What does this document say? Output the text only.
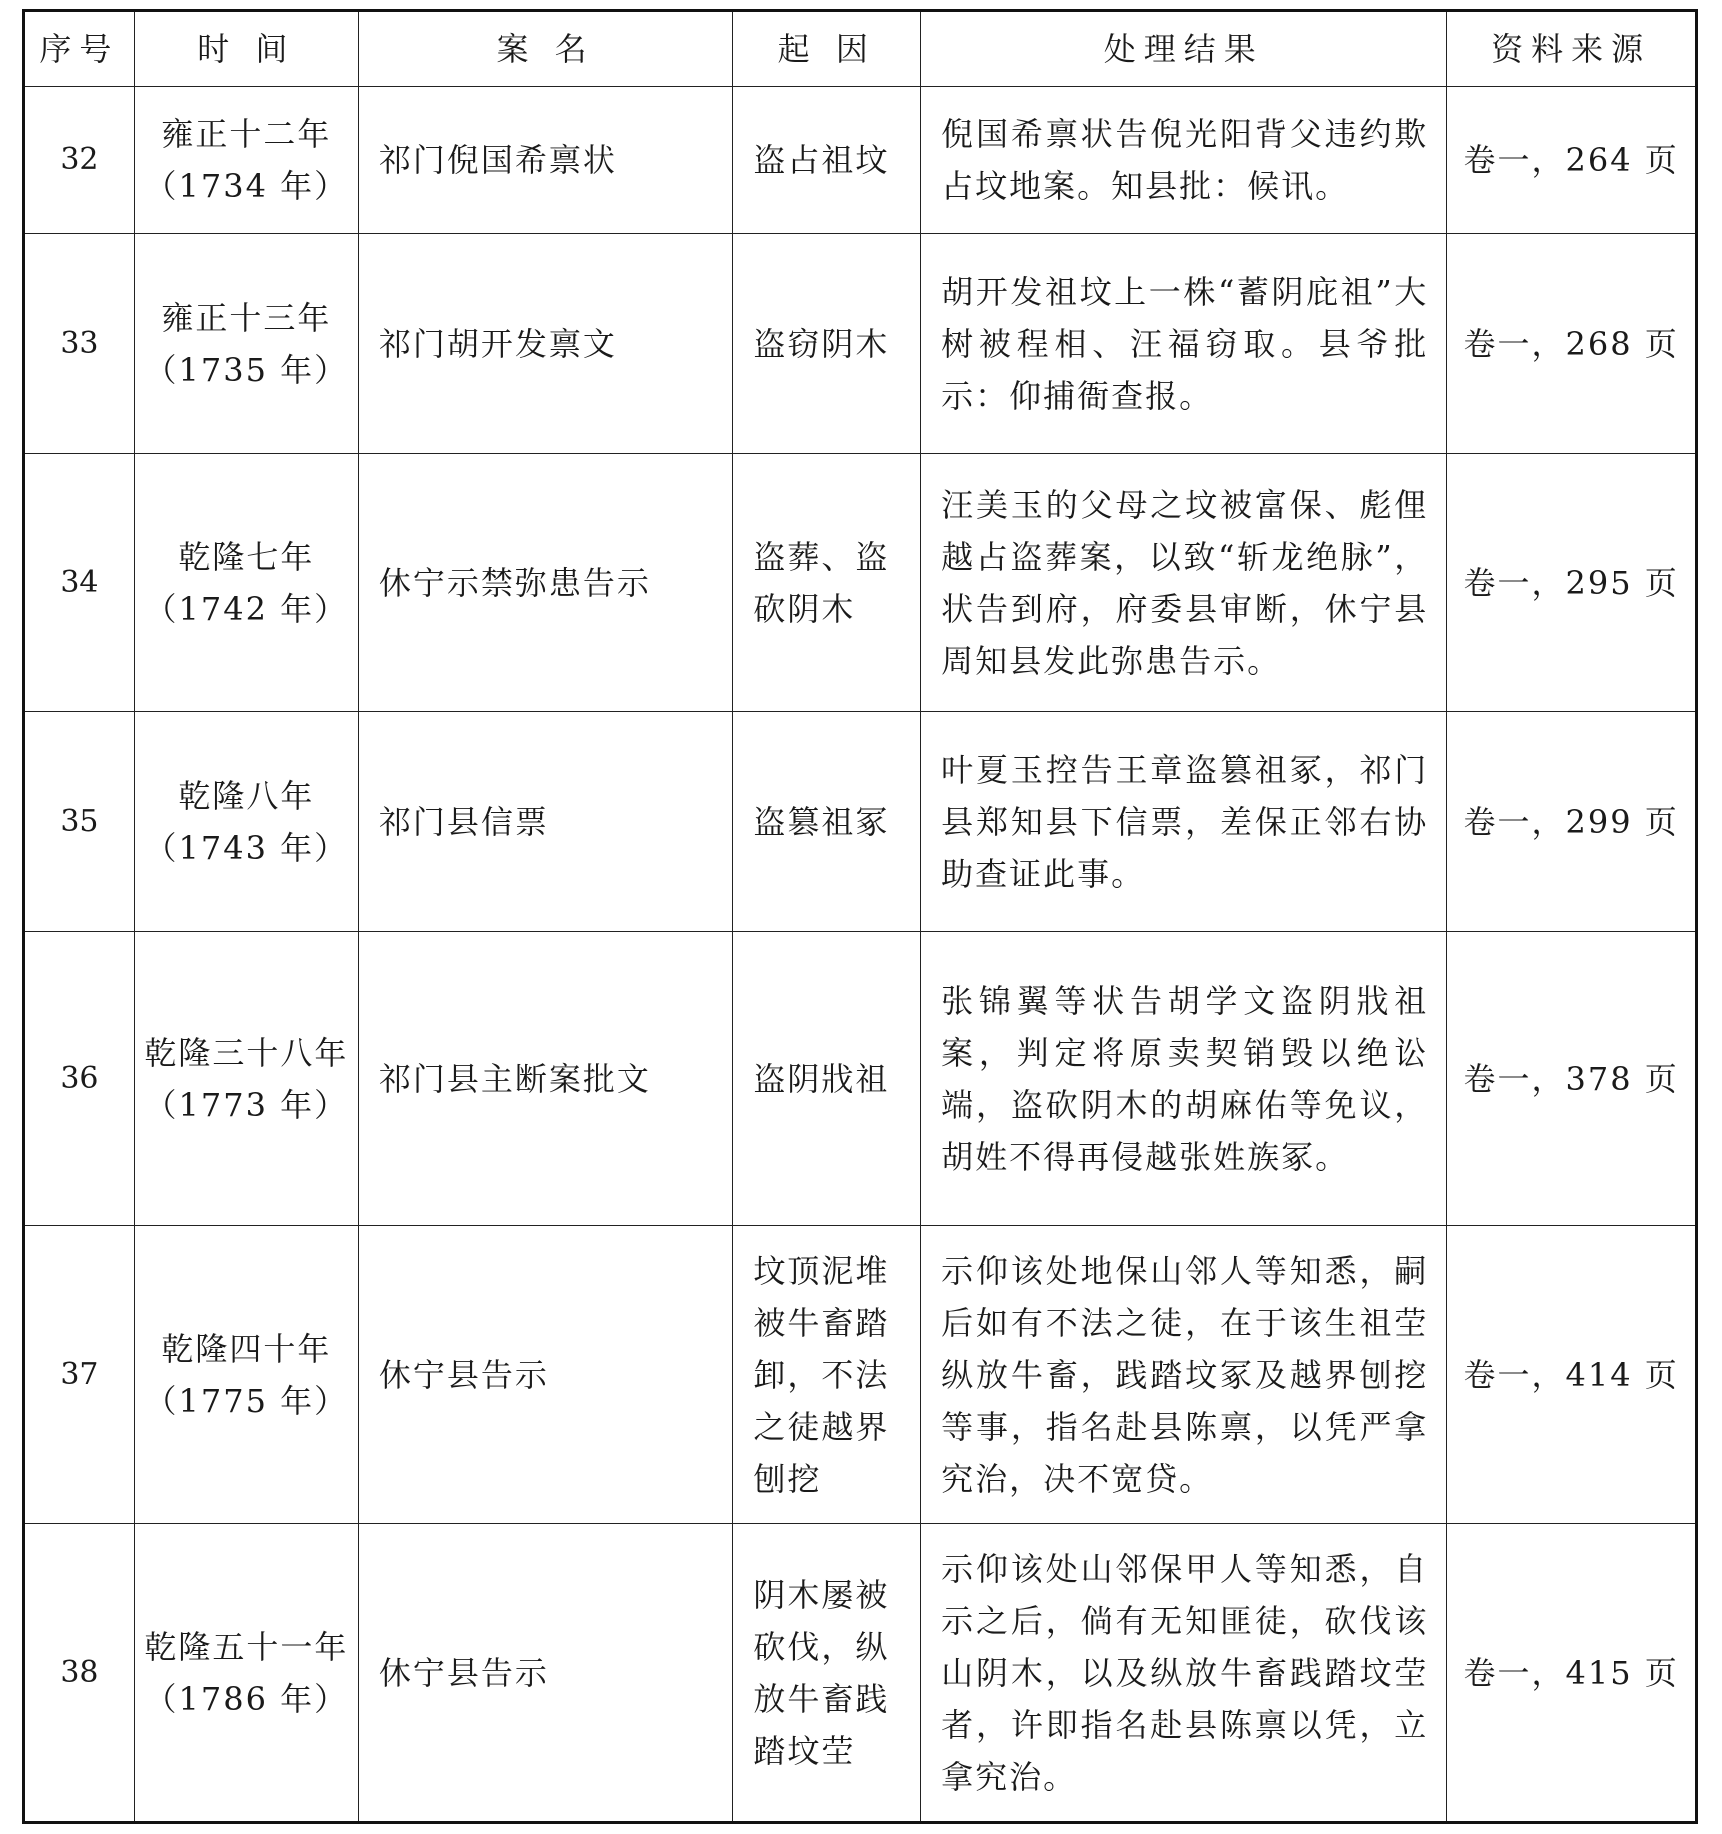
序号	时 间	案 名	起 因	处理结果	资料来源
32	雍正十二年（1734 年）	祁门倪国希禀状	盗占祖坟	倪国希禀状告倪光阳背父违约欺占坟地案。知县批：候讯。	卷一，264 页
33	雍正十三年（1735 年）	祁门胡开发禀文	盗窃阴木	胡开发祖坟上一株“蓄阴庇祖”大树被程相、汪福窃取。县爷批示：仰捕衙查报。	卷一，268 页
34	乾隆七年（1742 年）	休宁示禁弥患告示	盗葬、盗砍阴木	汪美玉的父母之坟被富保、彪俚越占盗葬案，以致“斩龙绝脉”，状告到府，府委县审断，休宁县周知县发此弥患告示。	卷一，295 页
35	乾隆八年（1743 年）	祁门县信票	盗篡祖冢	叶夏玉控告王章盗篡祖冢，祁门县郑知县下信票，差保正邻右协助查证此事。	卷一，299 页
36	乾隆三十八年（1773 年）	祁门县主断案批文	盗阴戕祖	张锦翼等状告胡学文盗阴戕祖案，判定将原卖契销毁以绝讼端，盗砍阴木的胡麻佑等免议，胡姓不得再侵越张姓族冢。	卷一，378 页
37	乾隆四十年（1775 年）	休宁县告示	坟顶泥堆被牛畜踏卸，不法之徒越界刨挖	示仰该处地保山邻人等知悉，嗣后如有不法之徒，在于该生祖茔纵放牛畜，践踏坟冢及越界刨挖等事，指名赴县陈禀，以凭严拿究治，决不宽贷。	卷一，414 页
38	乾隆五十一年（1786 年）	休宁县告示	阴木屡被砍伐，纵放牛畜践踏坟茔	示仰该处山邻保甲人等知悉，自示之后，倘有无知匪徒，砍伐该山阴木，以及纵放牛畜践踏坟茔者，许即指名赴县陈禀以凭，立拿究治。	卷一，415 页
